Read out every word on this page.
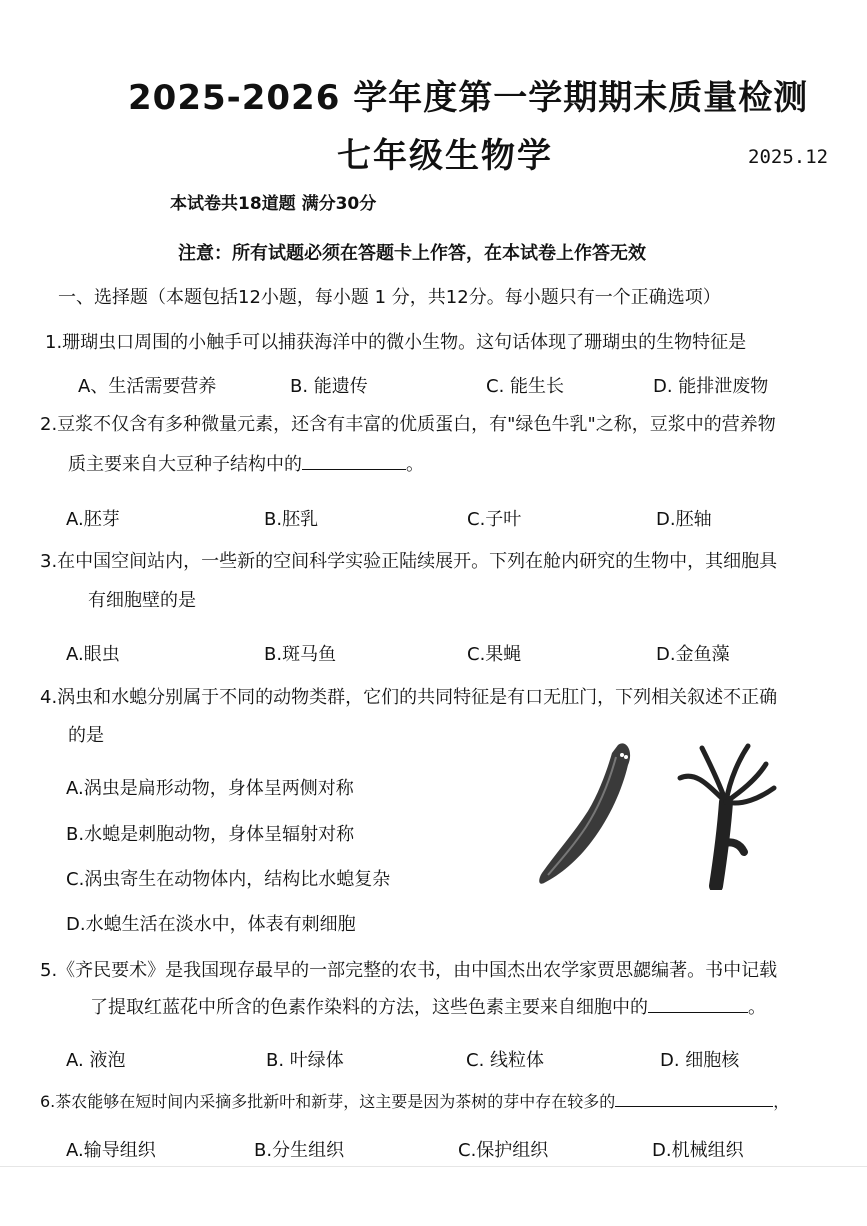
2025-2026 学年度第一学期期末质量检测
七年级生物学	2025.12
本试卷共18道题 满分30分
注意：所有试题必须在答题卡上作答，在本试卷上作答无效
一、选择题（本题包括12小题，每小题 1 分，共12分。每小题只有一个正确选项）
1.珊瑚虫口周围的小触手可以捕获海洋中的微小生物。这句话体现了珊瑚虫的生物特征是
A、生活需要营养	B. 能遗传	C. 能生长	D. 能排泄废物
2.豆浆不仅含有多种微量元素，还含有丰富的优质蛋白，有"绿色牛乳"之称，豆浆中的营养物
质主要来自大豆种子结构中的	。
A.胚芽	B.胚乳	C.子叶	D.胚轴
3.在中国空间站内，一些新的空间科学实验正陆续展开。下列在舱内研究的生物中，其细胞具
有细胞壁的是
A.眼虫	B.斑马鱼	C.果蝇	D.金鱼藻
4.涡虫和水螅分别属于不同的动物类群，它们的共同特征是有口无肛门，下列相关叙述不正确
的是
A.涡虫是扁形动物，身体呈两侧对称
B.水螅是刺胞动物，身体呈辐射对称
C.涡虫寄生在动物体内，结构比水螅复杂
D.水螅生活在淡水中，体表有刺细胞
5.《齐民要术》是我国现存最早的一部完整的农书，由中国杰出农学家贾思勰编著。书中记载
了提取红蓝花中所含的色素作染料的方法，这些色素主要来自细胞中的	。
A. 液泡	B. 叶绿体	C. 线粒体	D. 细胞核
6.茶农能够在短时间内采摘多批新叶和新芽，这主要是因为茶树的芽中存在较多的	，
A.输导组织	B.分生组织	C.保护组织	D.机械组织
